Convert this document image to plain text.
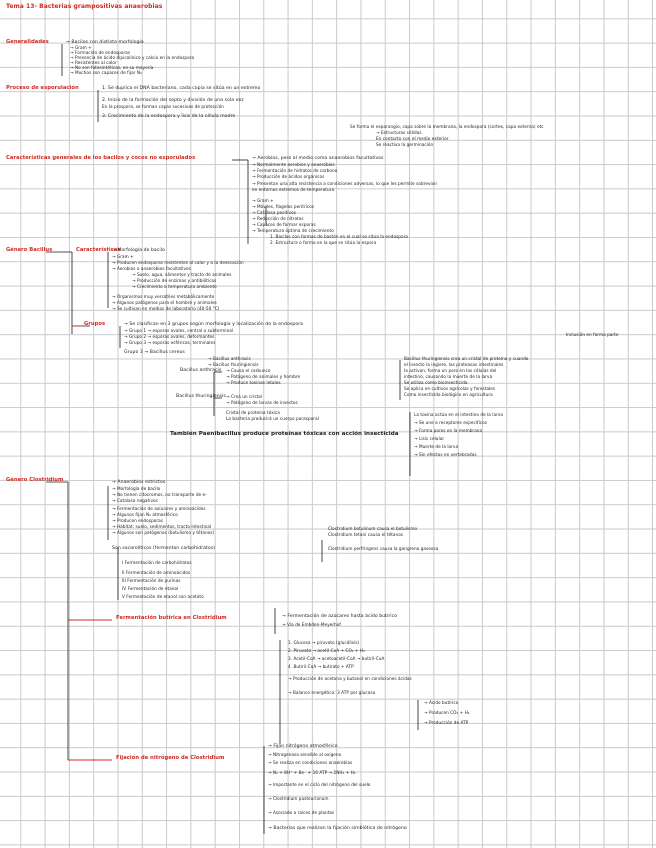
Tema 13- Bacterias grampositivas anaerobias
Generalidades	→ Bacilos con distinta morfología
→ Gram +
→ Formación de endosporas
→ Presencia de ácido dipicolínico y calcio en la endospora
→ Resistentes al calor
→ No son fotosintéticas, en su mayoría
→ Muchos son capaces de fijar N₂
Proceso de esporulación	1. Se duplica el DNA bacteriano, cada copia se sitúa en un extremo
2. Inicio de la formación del septo y división de una sola vez
En la prospora, se forman capas sucesivas de protección
3. Crecimiento de la endospora y lisis de la célula madre
Se forma el esporangio, capa sobre la membrana, la endospora (cortex, capa externa) etc
→ Estructuras sólidas
En contacto con el medio exterior
Se reactiva la germinación
Características generales de los bacilos y cocos no esporulados	→ Aerobios, pero al medio como anaerobios facultativos
→ Normalmente aerobios y anaerobios
→ Fermentación de hidratos de carbono
→ Producción de ácidos orgánicos
→ Presentan una alta resistencia a condiciones adversas, lo que les permite sobrevivir
en entornos extremos de temperatura
→ Gram +
→ Móviles, flagelos peritricos
→ Catalasa positivos
→ Reducción de nitratos
→ Capaces de formar esporas
→ Temperatura óptima de crecimiento
1. Bacilos con formas de bastón en el cual se sitúa la endospora
2. Estructura o forma en la que se sitúa la espora
Género Bacillus	Características
→ Morfología de bacilo
→ Gram +
→ Producen endosporas resistentes al calor y a la desecación
→ Aerobios o anaerobios facultativos
→ Suelo, agua, alimentos y tracto de animales
→ Producción de enzimas y antibióticos
→ Crecimiento a temperatura ambiente
→ Organismos muy versátiles metabólicamente
→ Algunos patógenos para el hombre y animales
→ Se cultivan en medios de laboratorio (40-50 °C)
Grupos	→ Se clasifican en 3 grupos según morfología y localización de la endospora
→ Grupo 1 → esporas ovales, central o subterminal
→ Grupo 2 → esporas ovales, deformantes
→ Grupo 3 → esporas esféricas, terminales
Grupo 3 → Bacillus cereus
→ Bacillus anthracis
→ Bacillus thuringiensis
Inclusión en forma parte
Bacillus anthracis → Causa el carbunco
→ Patógeno de animales y hombre
→ Produce toxinas letales
Bacillus thuringiensis → Crea un cristal
→ Patógeno de larvas de insectos
Cristal de proteína tóxica
La bacteria producirá un cuerpo parasporal
Bacillus thuringiensis crea un cristal de proteína y cuando
el insecto la ingiere, las proteasas intestinales
la activan, forma un poro en las células del
intestino, causando la muerte de la larva
Se utiliza como bioinsecticida
Se aplica en cultivos agrícolas y forestales
Como insecticida biológico en agricultura
La toxina actúa en el intestino de la larva
→ Se une a receptores específicos
→ Forma poros en la membrana
→ Lisis celular
→ Muerte de la larva
→ Sin efectos en vertebrados
También Paenibacillus produce proteínas tóxicas con acción insecticida
Género Clostridium	→ Anaerobios estrictos
→ Morfología de bacilo
→ No tienen citocromos, no transporte de e-
→ Catalasa negativos
→ Fermentación de azúcares y aminoácidos
→ Algunos fijan N₂ atmosférico
→ Producen endosporas
→ Hábitat: suelo, sedimentos, tracto intestinal
→ Algunos son patógenos (botulismo y tétanos)
Clostridium botulinum causa el botulismo
Clostridium tetani causa el tétanos
Son sacarolíticos (fermentan carbohidratos)	Clostridium perfringens causa la gangrena gaseosa
I Fermentación de carbohidratos
II Fermentación de aminoácidos
III Fermentación de purinas
IV Fermentación de etanol
V Fermentación de etanol con acetato
Fermentación butírica en Clostridium	→ Fermentación de azúcares hasta ácido butírico
→ Vía de Embden-Meyerhof
1. Glucosa → piruvato (glucólisis)
2. Piruvato → acetil-CoA + CO₂ + H₂
3. Acetil-CoA → acetoacetil-CoA → butiril-CoA
4. Butiril-CoA → butirato + ATP
→ Producción de acetona y butanol en condiciones ácidas
→ Balance energético: 3 ATP por glucosa
→ Ácido butírico
→ Producen CO₂ + H₂
→ Producción de ATP
Fijación de nitrógeno de Clostridium
→ Fijan nitrógeno atmosférico
→ Nitrogenasa sensible al oxígeno
→ Se realiza en condiciones anaerobias
→ N₂ + 8H⁺ + 8e⁻ + 16 ATP → 2NH₃ + H₂
→ Importante en el ciclo del nitrógeno del suelo
→ Clostridium pasteurianum
→ Asociado a raíces de plantas
→ Bacterias que realizan la fijación simbiótica de nitrógeno
